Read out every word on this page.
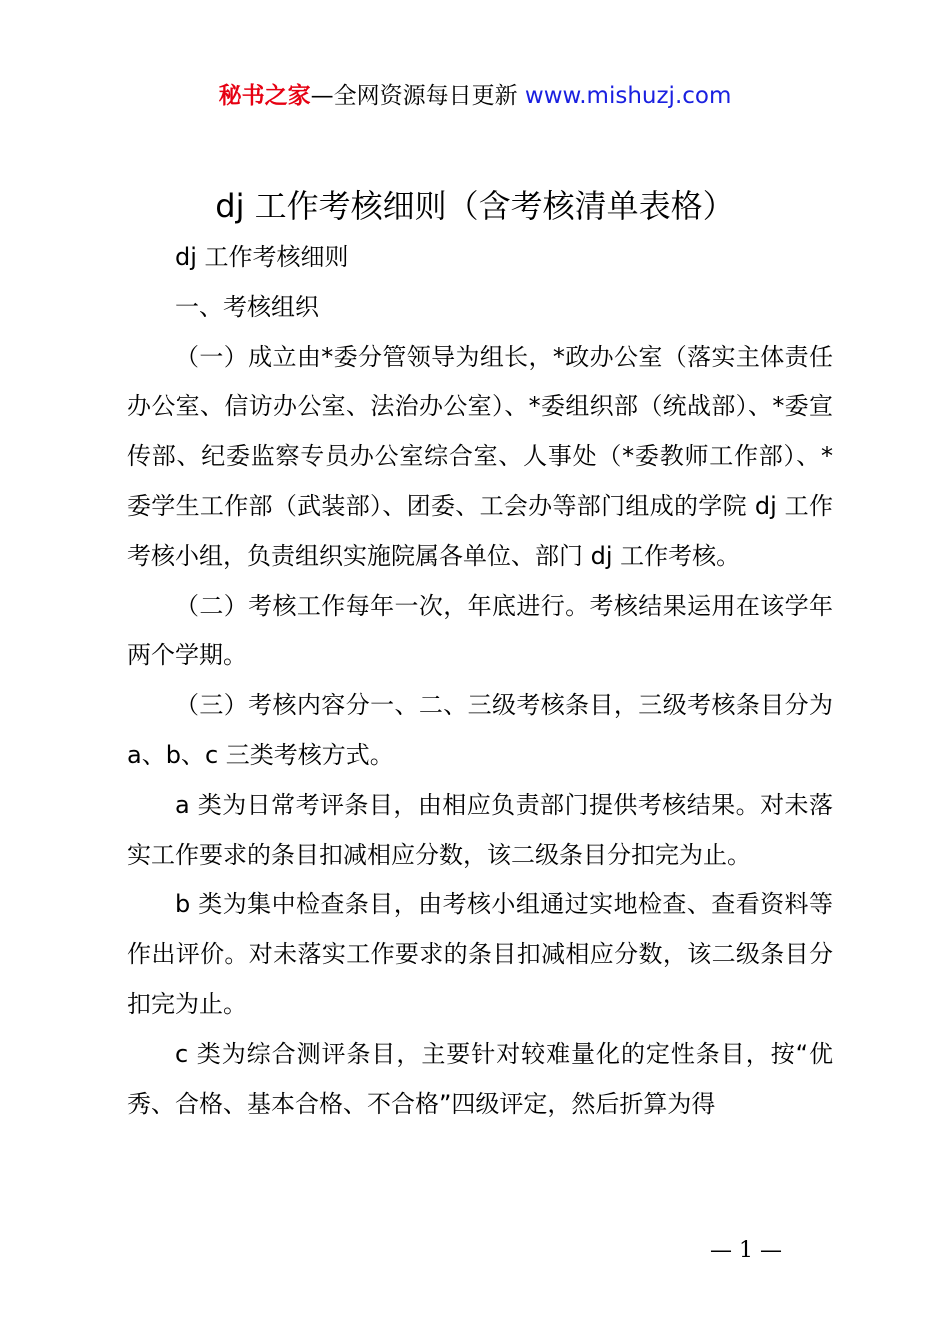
秘书之家—全网资源每日更新 www.mishuzj.com
dj 工作考核细则（含考核清单表格）

dj 工作考核细则

一、考核组织

（一）成立由*委分管领导为组长，*政办公室（落实主体责任办公室、信访办公室、法治办公室）、*委组织部（统战部）、*委宣传部、纪委监察专员办公室综合室、人事处（*委教师工作部）、*委学生工作部（武装部）、团委、工会办等部门组成的学院 dj 工作考核小组，负责组织实施院属各单位、部门 dj 工作考核。

（二）考核工作每年一次，年底进行。考核结果运用在该学年两个学期。

（三）考核内容分一、二、三级考核条目，三级考核条目分为 a、b、c 三类考核方式。

a 类为日常考评条目，由相应负责部门提供考核结果。对未落实工作要求的条目扣减相应分数，该二级条目分扣完为止。

b 类为集中检查条目，由考核小组通过实地检查、查看资料等作出评价。对未落实工作要求的条目扣减相应分数，该二级条目分扣完为止。

c 类为综合测评条目，主要针对较难量化的定性条目，按“优秀、合格、基本合格、不合格”四级评定，然后折算为得

— 1 —
